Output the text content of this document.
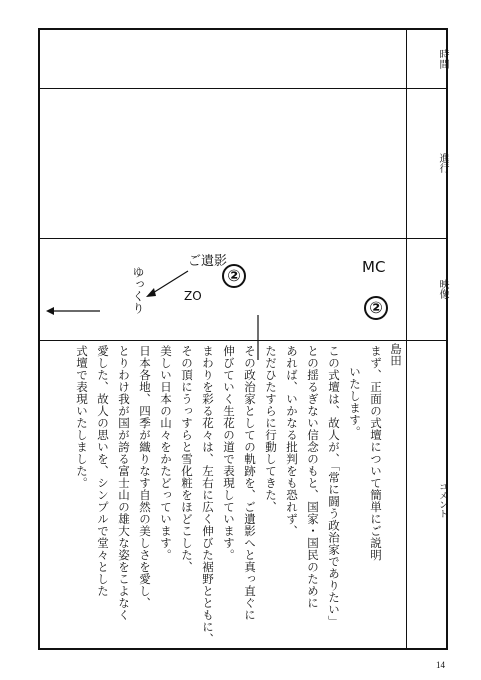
時間
進行
映像
コメント
MC
②
②
ご遺影
ZO
ゆっくり
島田
まず、正面の式壇について簡単にご説明
いたします。
この式壇は、故人が、「常に闘う政治家でありたい」
との揺るぎない信念のもと、国家・国民のために
あれば、いかなる批判をも恐れず、
ただひたすらに行動してきた、
その政治家としての軌跡を、ご遺影へと真っ直ぐに
伸びていく生花の道で表現しています。
まわりを彩る花々は、左右に広く伸びた裾野とともに、
その頂にうっすらと雪化粧をほどこした、
美しい日本の山々をかたどっています。
日本各地、四季が織りなす自然の美しさを愛し、
とりわけ我が国が誇る富士山の雄大な姿をこよなく
愛した、故人の思いを、シンプルで堂々とした
式壇で表現いたしました。
14
